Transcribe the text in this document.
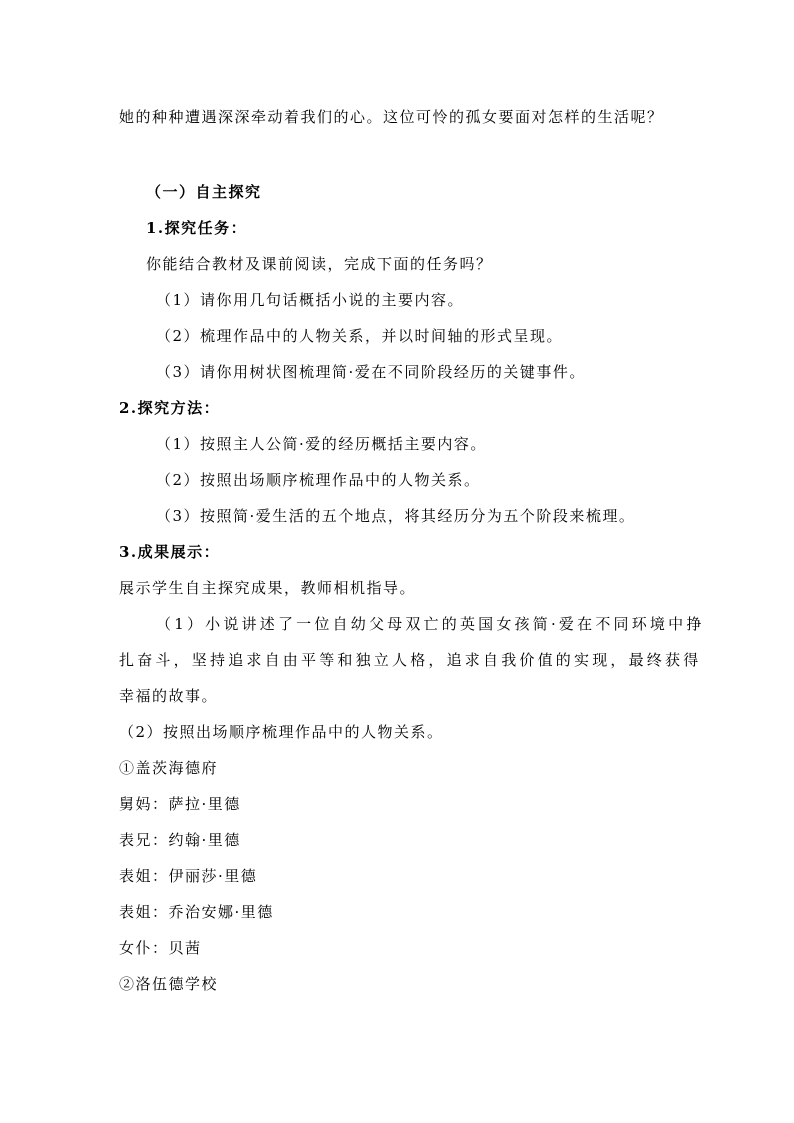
她的种种遭遇深深牵动着我们的心。这位可怜的孤女要面对怎样的生活呢？
（一）自主探究
1.探究任务：
你能结合教材及课前阅读，完成下面的任务吗？
（1）请你用几句话概括小说的主要内容。
（2）梳理作品中的人物关系，并以时间轴的形式呈现。
（3）请你用树状图梳理简·爱在不同阶段经历的关键事件。
2.探究方法：
（1）按照主人公简·爱的经历概括主要内容。
（2）按照出场顺序梳理作品中的人物关系。
（3）按照简·爱生活的五个地点，将其经历分为五个阶段来梳理。
3.成果展示：
展示学生自主探究成果，教师相机指导。
（1）小说讲述了一位自幼父母双亡的英国女孩简·爱在不同环境中挣
扎奋斗，坚持追求自由平等和独立人格，追求自我价值的实现，最终获得
幸福的故事。
（2）按照出场顺序梳理作品中的人物关系。
①盖茨海德府
舅妈：萨拉·里德
表兄：约翰·里德
表姐：伊丽莎·里德
表姐：乔治安娜·里德
女仆：贝茜
②洛伍德学校
